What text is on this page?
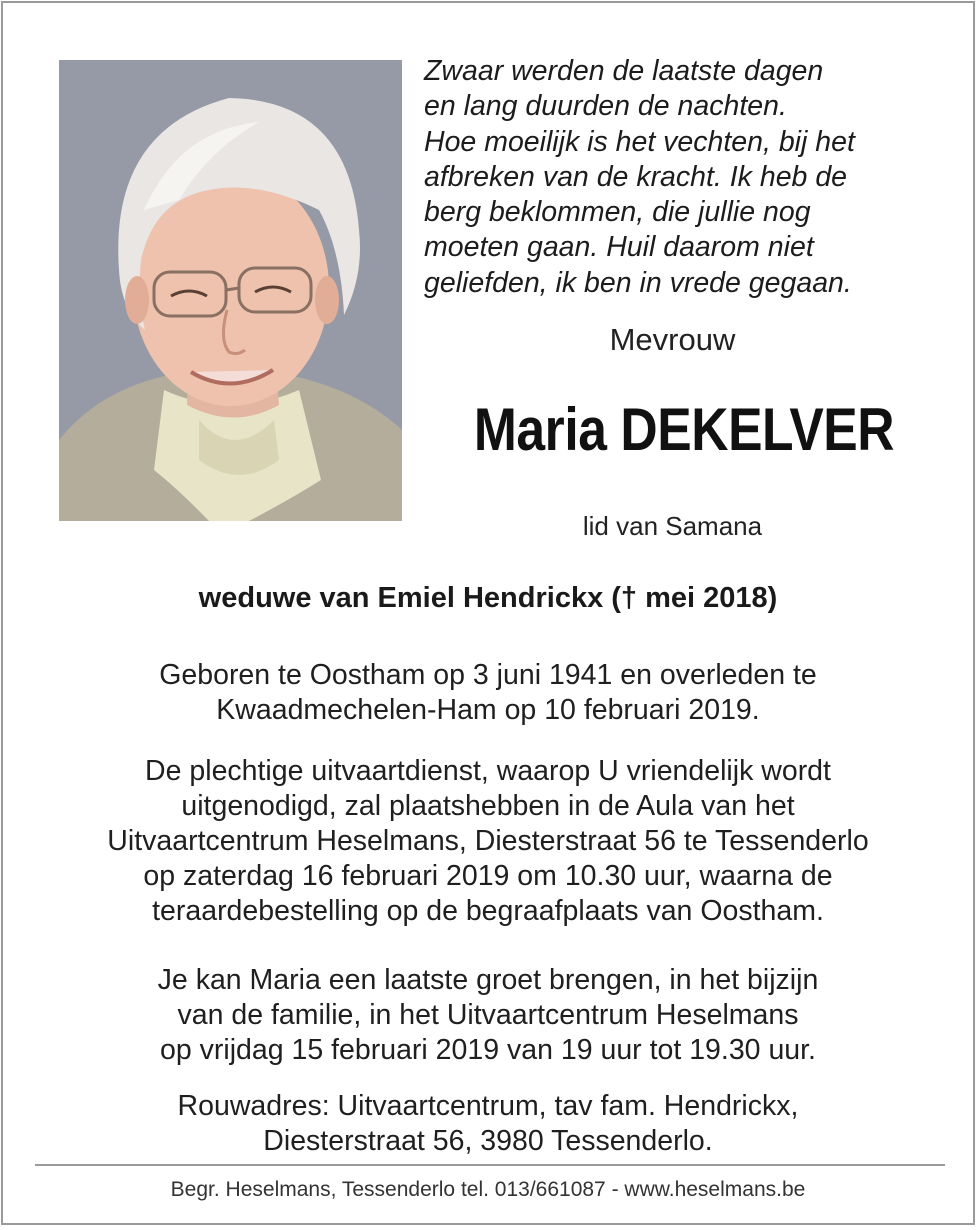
Zwaar werden de laatste dagen
en lang duurden de nachten.
Hoe moeilijk is het vechten, bij het
afbreken van de kracht. Ik heb de
berg beklommen, die jullie nog
moeten gaan. Huil daarom niet
geliefden, ik ben in vrede gegaan.
Mevrouw
Maria DEKELVER
lid van Samana
weduwe van Emiel Hendrickx († mei 2018)
Geboren te Oostham op 3 juni 1941 en overleden te
Kwaadmechelen-Ham op 10 februari 2019.
De plechtige uitvaartdienst, waarop U vriendelijk wordt
uitgenodigd, zal plaatshebben in de Aula van het
Uitvaartcentrum Heselmans, Diesterstraat 56 te Tessenderlo
op zaterdag 16 februari 2019 om 10.30 uur, waarna de
teraardebestelling op de begraafplaats van Oostham.
Je kan Maria een laatste groet brengen, in het bijzijn
van de familie, in het Uitvaartcentrum Heselmans
op vrijdag 15 februari 2019 van 19 uur tot 19.30 uur.
Rouwadres: Uitvaartcentrum, tav fam. Hendrickx,
Diesterstraat 56, 3980 Tessenderlo.
Begr. Heselmans, Tessenderlo tel. 013/661087 - www.heselmans.be
